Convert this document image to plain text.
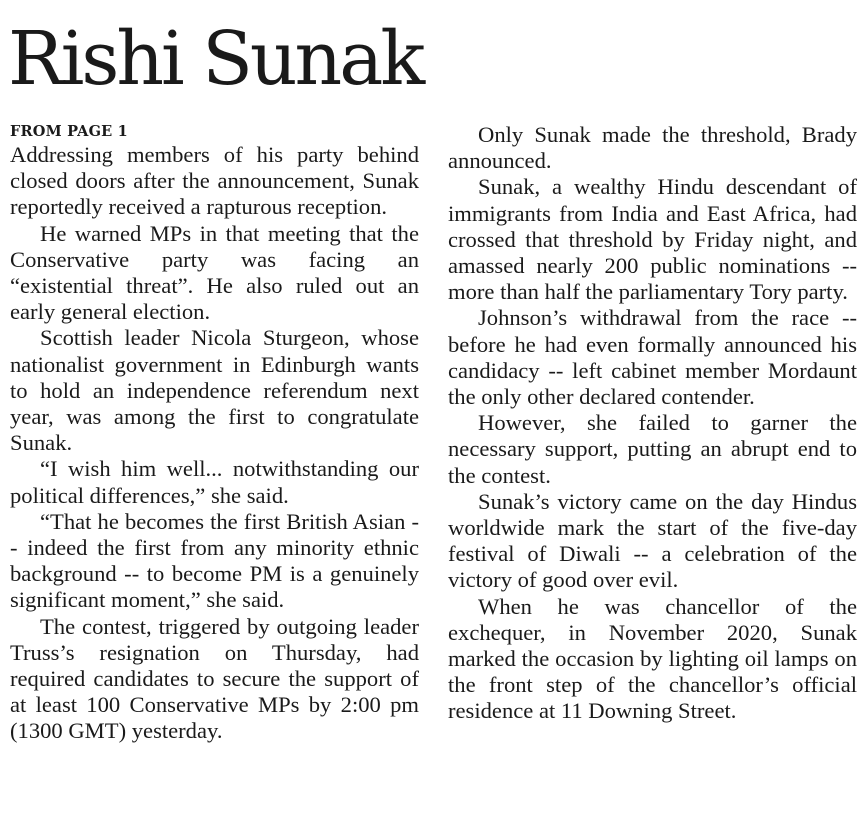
Rishi Sunak
FROM PAGE 1

Addressing members of his party behind closed doors after the announcement, Sunak reportedly received a rapturous reception.

He warned MPs in that meeting that the Conservative party was facing an “existential threat”. He also ruled out an early general election.

Scottish leader Nicola Sturgeon, whose nationalist government in Edinburgh wants to hold an independence referendum next year, was among the first to congratulate Sunak.

“I wish him well... notwithstanding our political differences,” she said.

“That he becomes the first British Asian -- indeed the first from any minority ethnic background -- to become PM is a genuinely significant moment,” she said.

The contest, triggered by outgoing leader Truss’s resignation on Thursday, had required candidates to secure the support of at least 100 Conservative MPs by 2:00 pm (1300 GMT) yesterday.

Only Sunak made the threshold, Brady announced.

Sunak, a wealthy Hindu descendant of immigrants from India and East Africa, had crossed that threshold by Friday night, and amassed nearly 200 public nominations -- more than half the parliamentary Tory party.

Johnson’s withdrawal from the race -- before he had even formally announced his candidacy -- left cabinet member Mordaunt the only other declared contender.

However, she failed to garner the necessary support, putting an abrupt end to the contest.

Sunak’s victory came on the day Hindus worldwide mark the start of the five-day festival of Diwali -- a celebration of the victory of good over evil.

When he was chancellor of the exchequer, in November 2020, Sunak marked the occasion by lighting oil lamps on the front step of the chancellor’s official residence at 11 Downing Street.
